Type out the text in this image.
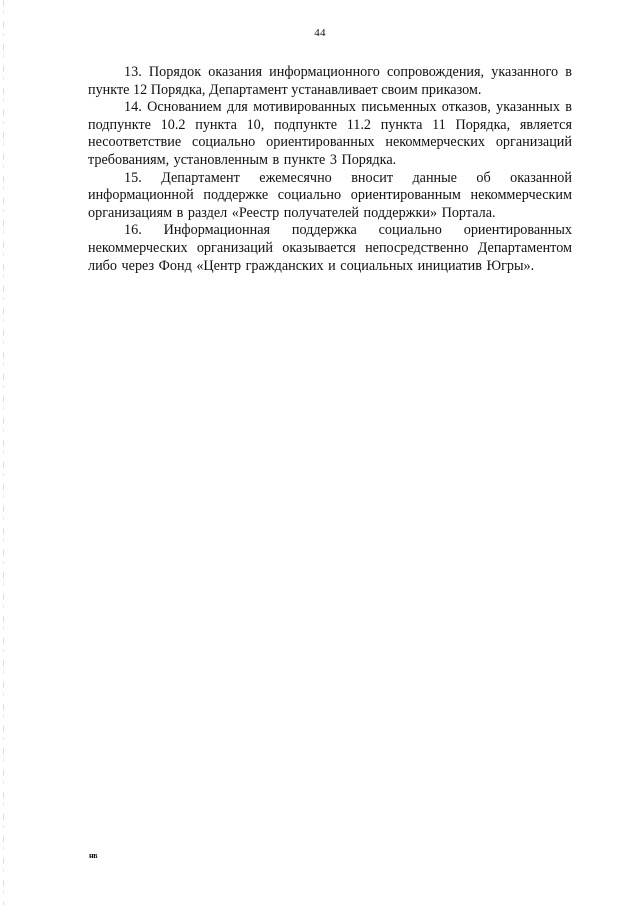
44

13. Порядок оказания информационного сопровождения, указанного в пункте 12 Порядка, Департамент устанавливает своим приказом.

14. Основанием для мотивированных письменных отказов, указанных в подпункте 10.2 пункта 10, подпункте 11.2 пункта 11 Порядка, является несоответствие социально ориентированных некоммерческих организаций требованиям, установленным в пункте 3 Порядка.

15. Департамент ежемесячно вносит данные об оказанной информационной поддержке социально ориентированным некоммерческим организациям в раздел «Реестр получателей поддержки» Портала.

16. Информационная поддержка социально ориентированных некоммерческих организаций оказывается непосредственно Департаментом либо через Фонд «Центр гражданских и социальных инициатив Югры».

нв
